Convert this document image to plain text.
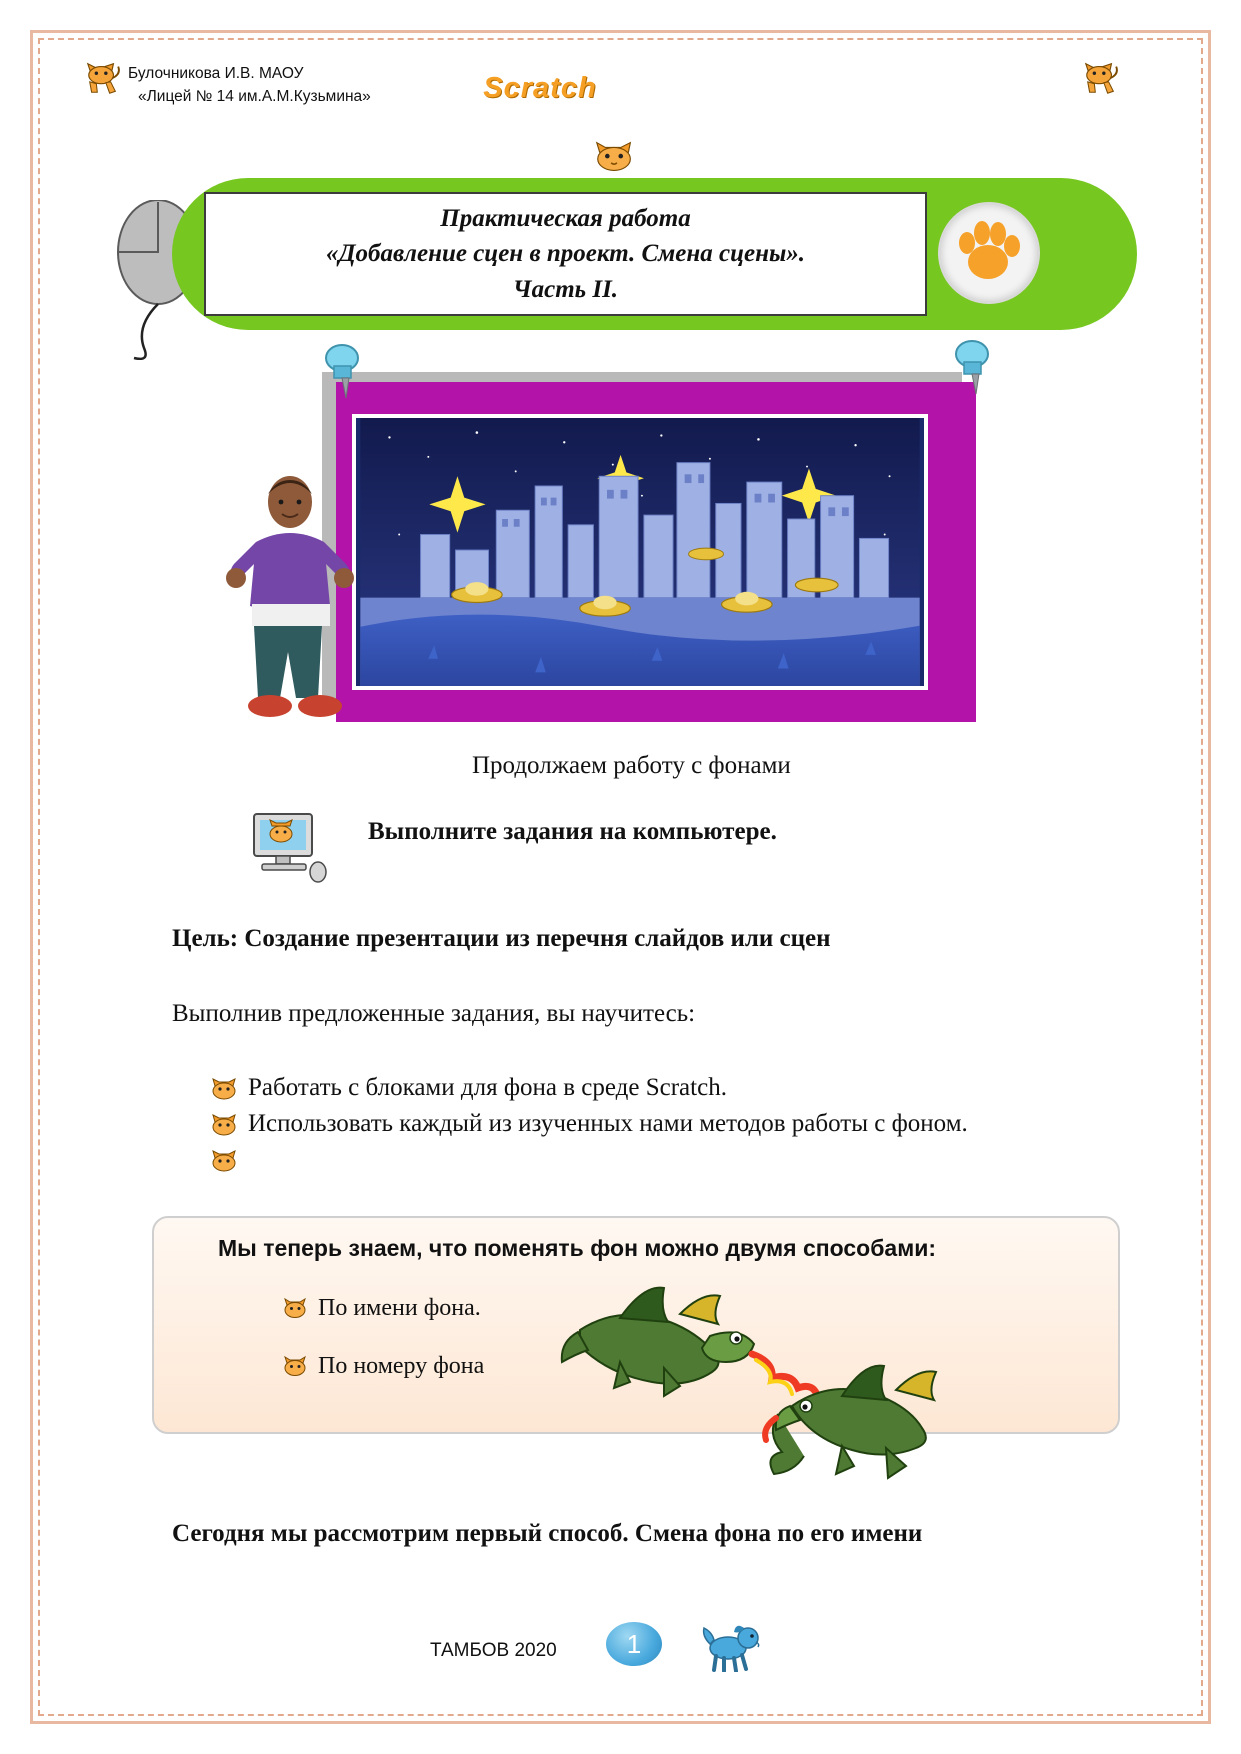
Булочникова И.В. МАОУ
«Лицей № 14 им.А.М.Кузьмина»	Scratch
Практическая работа
«Добавление сцен в проект. Смена сцены».
Часть II.
Продолжаем работу с фонами
Выполните задания на компьютере.
Цель: Создание презентации из перечня слайдов или сцен
Выполнив предложенные задания, вы научитесь:
Работать с блоками для фона в среде Scratch.
Использовать каждый из изученных нами методов работы с фоном.
Мы теперь знаем, что поменять фон можно двумя способами:
По имени фона.
По номеру фона
Сегодня мы рассмотрим первый способ. Смена фона по его имени
ТАМБОВ 2020	1
